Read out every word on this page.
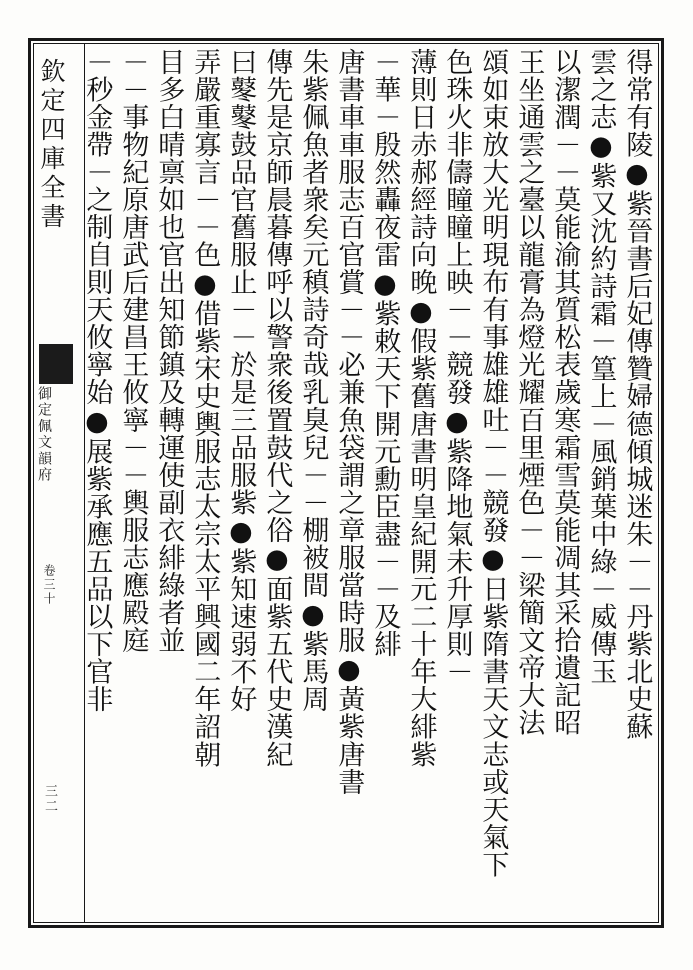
欽定四庫全書
御定佩文韻府
卷三十
三二
得常有陵●紫晉書后妃傳贊婦德傾城迷朱－－丹紫北史蘇
雲之志●紫又沈約詩霜－篁上－風銷葉中綠－威傳玉
以潔潤－－莫能渝其質松表歲寒霜雪莫能凋其采拾遺記昭
王坐通雲之臺以龍膏為燈光耀百里煙色－－梁簡文帝大法
頌如束放大光明現布有事雄雄吐－－競發●日紫隋書天文志或天氣下
色珠火非儔瞳瞳上映－－競發●紫降地氣未升厚則－
薄則日赤郝經詩向晚●假紫舊唐書明皇紀開元二十年大緋紫
－華－殷然轟夜雷●紫敕天下開元勳臣盡－－及緋
唐書車車服志百官賞－－必兼魚袋謂之章服當時服●黃紫唐書
朱紫佩魚者衆矣元稹詩奇哉乳臭兒－－棚被間●紫馬周
傳先是京師晨暮傳呼以警衆後置鼓代之俗●面紫五代史漢紀
曰鼕鼕鼓品官舊服止－－於是三品服紫●紫知速弱不好
弄嚴重寡言－－色●借紫宋史輿服志太宗太平興國二年詔朝
目多白晴禀如也官出知節鎮及轉運使副衣緋綠者並
－－事物紀原唐武后建昌王攸寧－－輿服志應殿庭
－秒金帶－之制自則天攸寧始●展紫承應五品以下官非
